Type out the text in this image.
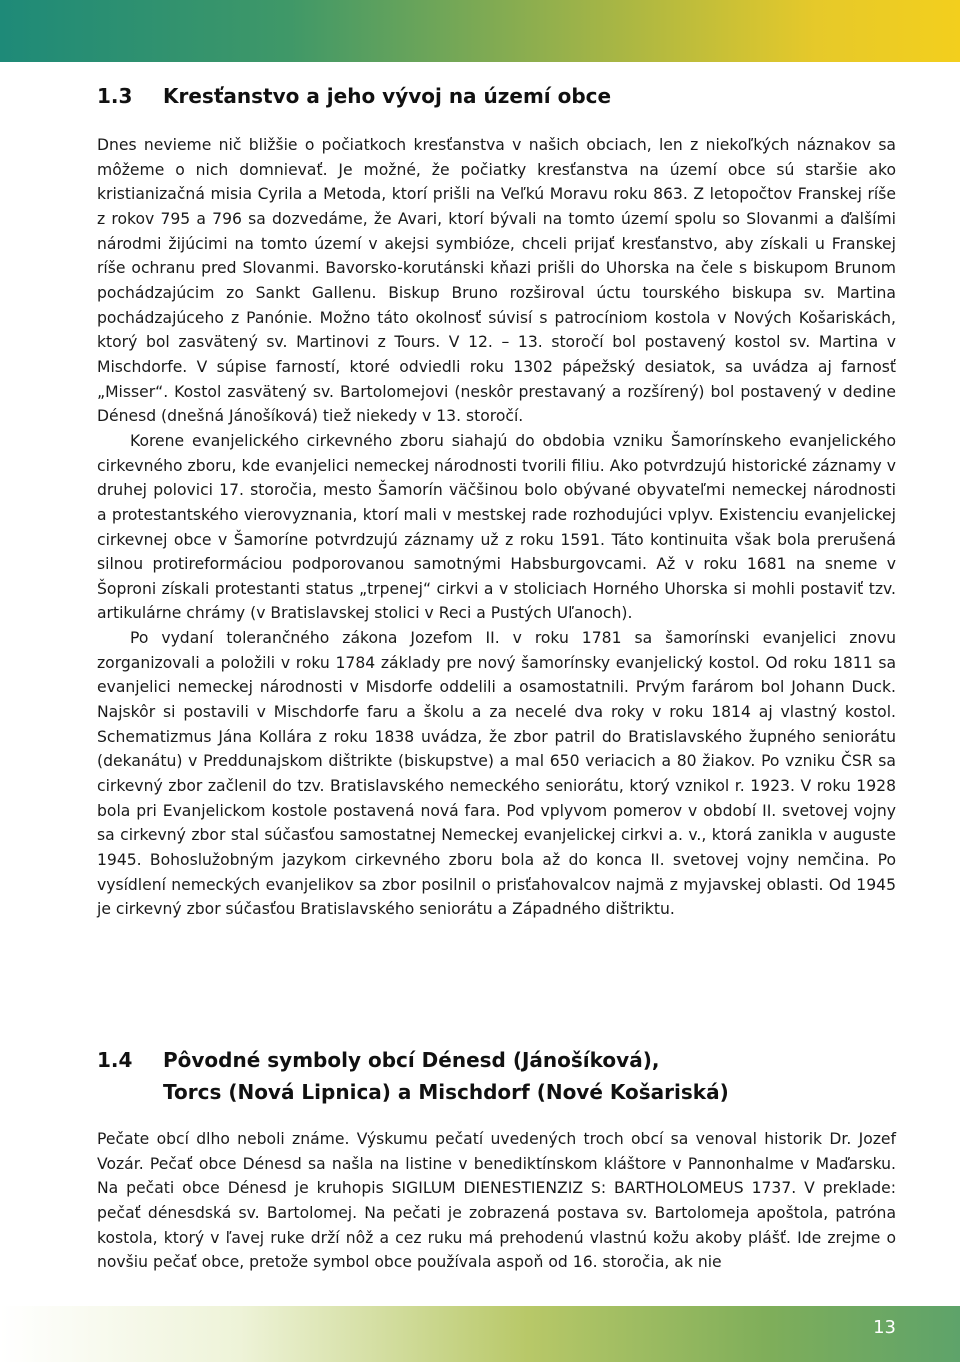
1.3 Kresťanstvo a jeho vývoj na území obce

Dnes nevieme nič bližšie o počiatkoch kresťanstva v našich obciach, len z niekoľkých náznakov sa môžeme o nich domnievať. Je možné, že počiatky kresťanstva na území obce sú staršie ako kristianizačná misia Cyrila a Metoda, ktorí prišli na Veľkú Moravu roku 863. Z letopočtov Franskej ríše z rokov 795 a 796 sa dozvedáme, že Avari, ktorí bývali na tomto území spolu so Slovanmi a ďalšími národmi žijúcimi na tomto území v akejsi symbióze, chceli prijať kresťanstvo, aby získali u Franskej ríše ochranu pred Slovanmi. Bavorsko-korutánski kňazi prišli do Uhorska na čele s biskupom Brunom pochádzajúcim zo Sankt Gallenu. Biskup Bruno rozširoval úctu tourského biskupa sv. Martina pochádzajúceho z Panónie. Možno táto okolnosť súvisí s patrocíniom kostola v Nových Košariskách, ktorý bol zasvätený sv. Martinovi z Tours. V 12. – 13. storočí bol postavený kostol sv. Martina v Mischdorfe. V súpise farností, ktoré odviedli roku 1302 pápežský desiatok, sa uvádza aj farnosť „Misser“. Kostol zasvätený sv. Bartolomejovi (neskôr prestavaný a rozšírený) bol postavený v dedine Dénesd (dnešná Jánošíková) tiež niekedy v 13. storočí.

Korene evanjelického cirkevného zboru siahajú do obdobia vzniku Šamorínskeho evanjelického cirkevného zboru, kde evanjelici nemeckej národnosti tvorili filiu. Ako potvrdzujú historické záznamy v druhej polovici 17. storočia, mesto Šamorín väčšinou bolo obývané obyvateľmi nemeckej národnosti a protestantského vierovyznania, ktorí mali v mestskej rade rozhodujúci vplyv. Existenciu evanjelickej cirkevnej obce v Šamoríne potvrdzujú záznamy už z roku 1591. Táto kontinuita však bola prerušená silnou protireformáciou podporovanou samotnými Habsburgovcami. Až v roku 1681 na sneme v Šoproni získali protestanti status „trpenej“ cirkvi a v stoliciach Horného Uhorska si mohli postaviť tzv. artikulárne chrámy (v Bratislavskej stolici v Reci a Pustých Uľanoch).

Po vydaní tolerančného zákona Jozefom II. v roku 1781 sa šamorínski evanjelici znovu zorganizovali a položili v roku 1784 základy pre nový šamorínsky evanjelický kostol. Od roku 1811 sa evanjelici nemeckej národnosti v Misdorfe oddelili a osamostatnili. Prvým farárom bol Johann Duck. Najskôr si postavili v Mischdorfe faru a školu a za necelé dva roky v roku 1814 aj vlastný kostol. Schematizmus Jána Kollára z roku 1838 uvádza, že zbor patril do Bratislavského župného seniorátu (dekanátu) v Preddunajskom dištrikte (biskupstve) a mal 650 veriacich a 80 žiakov. Po vzniku ČSR sa cirkevný zbor začlenil do tzv. Bratislavského nemeckého seniorátu, ktorý vznikol r. 1923. V roku 1928 bola pri Evanjelickom kostole postavená nová fara. Pod vplyvom pomerov v období II. svetovej vojny sa cirkevný zbor stal súčasťou samostatnej Nemeckej evanjelickej cirkvi a. v., ktorá zanikla v auguste 1945. Bohoslužobným jazykom cirkevného zboru bola až do konca II. svetovej vojny nemčina. Po vysídlení nemeckých evanjelikov sa zbor posilnil o prisťahovalcov najmä z myjavskej oblasti. Od 1945 je cirkevný zbor súčasťou Bratislavského seniorátu a Západného dištriktu.

1.4 Pôvodné symboly obcí Dénesd (Jánošíková),
Torcs (Nová Lipnica) a Mischdorf (Nové Košariská)

Pečate obcí dlho neboli známe. Výskumu pečatí uvedených troch obcí sa venoval historik Dr. Jozef Vozár. Pečať obce Dénesd sa našla na listine v benediktínskom kláštore v Pannonhalme v Maďarsku. Na pečati obce Dénesd je kruhopis SIGILUM DIENESTIENZIZ S: BARTHOLOMEUS 1737. V preklade: pečať dénesdská sv. Bartolomej. Na pečati je zobrazená postava sv. Bartolomeja apoštola, patróna kostola, ktorý v ľavej ruke drží nôž a cez ruku má prehodenú vlastnú kožu akoby plášť. Ide zrejme o novšiu pečať obce, pretože symbol obce používala aspoň od 16. storočia, ak nie

13
